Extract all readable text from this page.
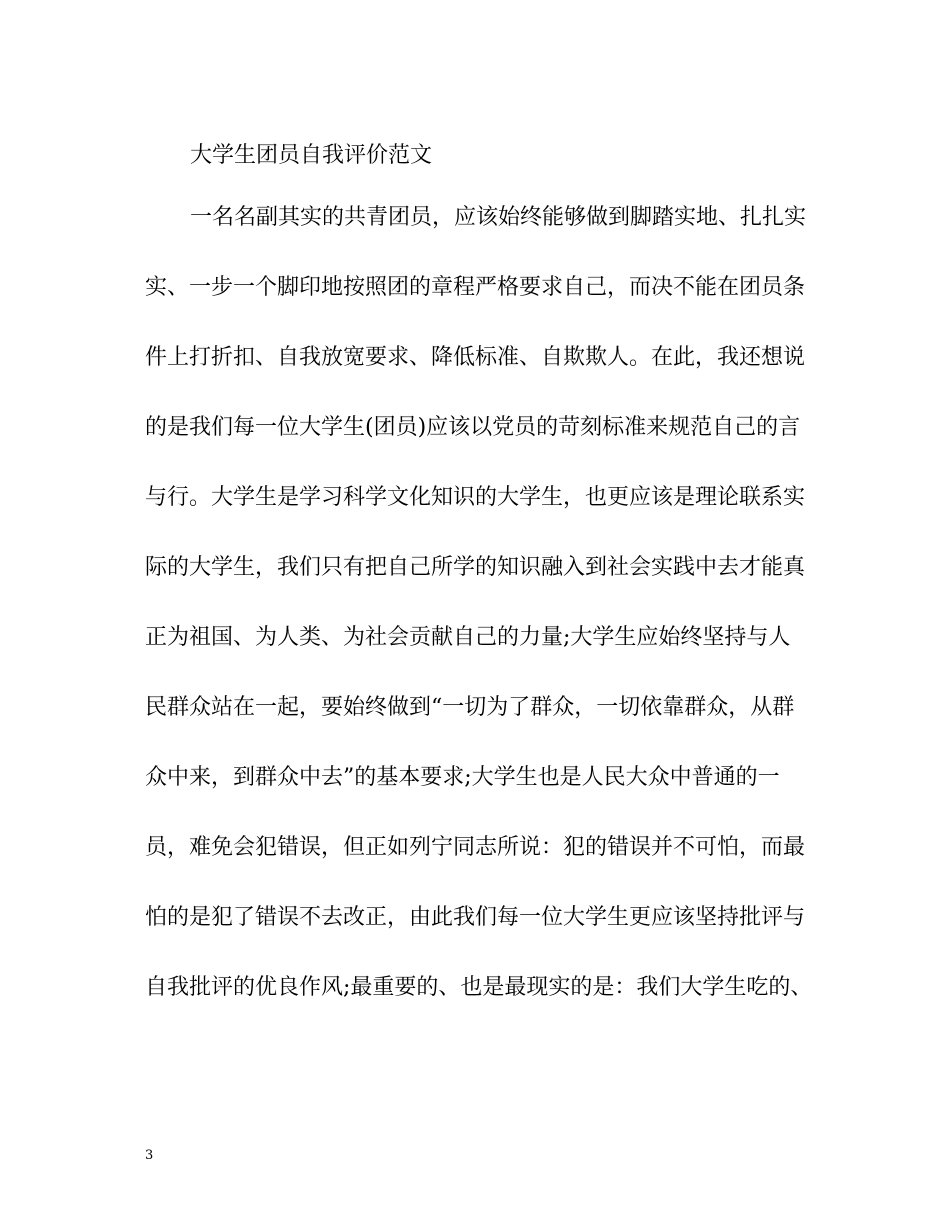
大学生团员自我评价范文
一名名副其实的共青团员，应该始终能够做到脚踏实地、扎扎实
实、一步一个脚印地按照团的章程严格要求自己，而决不能在团员条
件上打折扣、自我放宽要求、降低标准、自欺欺人。在此，我还想说
的是我们每一位大学生(团员)应该以党员的苛刻标准来规范自己的言
与行。大学生是学习科学文化知识的大学生，也更应该是理论联系实
际的大学生，我们只有把自己所学的知识融入到社会实践中去才能真
正为祖国、为人类、为社会贡献自己的力量;大学生应始终坚持与人
民群众站在一起，要始终做到“一切为了群众，一切依靠群众，从群
众中来，到群众中去”的基本要求;大学生也是人民大众中普通的一
员，难免会犯错误，但正如列宁同志所说：犯的错误并不可怕，而最
怕的是犯了错误不去改正，由此我们每一位大学生更应该坚持批评与
自我批评的优良作风;最重要的、也是最现实的是：我们大学生吃的、
3
